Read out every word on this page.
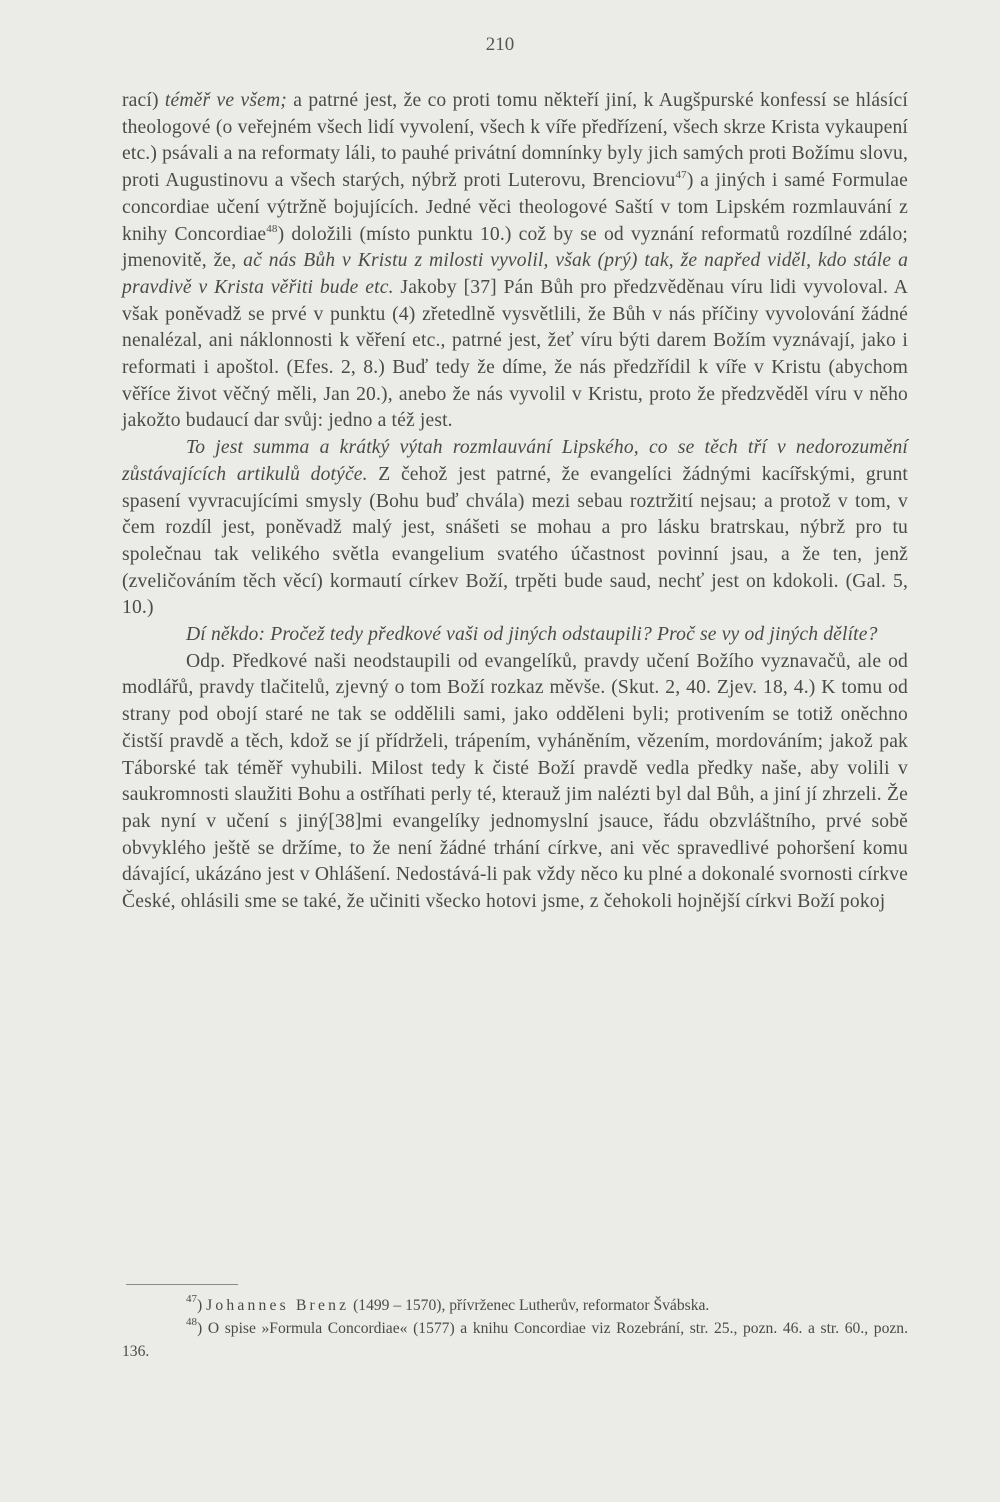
210

rací) téměř ve všem; a patrné jest, že co proti tomu někteří jiní, k Augšpurské konfessí se hlásící theologové (o veřejném všech lidí vyvolení, všech k víře předřízení, všech skrze Krista vykaupení etc.) psávali a na reformaty láli, to pauhé privátní domnínky byly jich samých proti Božímu slovu, proti Augustinovu a všech starých, nýbrž proti Luterovu, Brenciovu$^{47}$) a jiných i samé Formulae concordiae učení výtržně bojujících. Jedné věci theologové Saští v tom Lipském rozmlauvání z knihy Concordiae$^{48}$) doložili (místo punktu 10.) což by se od vyznání reformatů rozdílné zdálo; jmenovitě, že, ač nás Bůh v Kristu z milosti vyvolil, však (prý) tak, že napřed viděl, kdo stále a pravdivě v Krista věřiti bude etc. Jakoby [37] Pán Bůh pro předzvěděnau víru lidi vyvoloval. A však poněvadž se prvé v punktu (4) zřetedlně vysvětlili, že Bůh v nás příčiny vyvolování žádné nenalézal, ani náklonnosti k věření etc., patrné jest, žeť víru býti darem Božím vyznávají, jako i reformati i apoštol. (Efes. 2, 8.) Buď tedy že díme, že nás předzřídil k víře v Kristu (abychom věříce život věčný měli, Jan 20.), anebo že nás vyvolil v Kristu, proto že předzvěděl víru v něho jakožto budaucí dar svůj: jedno a též jest.

To jest summa a krátký výtah rozmlauvání Lipského, co se těch tří v nedorozumění zůstávajících artikulů dotýče. Z čehož jest patrné, že evangelíci žádnými kacířskými, grunt spasení vyvracujícími smysly (Bohu buď chvála) mezi sebau roztržití nejsau; a protož v tom, v čem rozdíl jest, poněvadž malý jest, snášeti se mohau a pro lásku bratrskau, nýbrž pro tu společnau tak velikého světla evangelium svatého účastnost povinní jsau, a že ten, jenž (zveličováním těch věcí) kormautí církev Boží, trpěti bude saud, nechť jest on kdokoli. (Gal. 5, 10.)

Dí někdo: Pročež tedy předkové vaši od jiných odstaupili? Proč se vy od jiných dělíte?

Odp. Předkové naši neodstaupili od evangelíků, pravdy učení Božího vyznavačů, ale od modlářů, pravdy tlačitelů, zjevný o tom Boží rozkaz měvše. (Skut. 2, 40. Zjev. 18, 4.) K tomu od strany pod obojí staré ne tak se oddělili sami, jako odděleni byli; protivením se totiž oněchno čistší pravdě a těch, kdož se jí přídrželi, trápením, vyháněním, vězením, mordováním; jakož pak Táborské tak téměř vyhubili. Milost tedy k čisté Boží pravdě vedla předky naše, aby volili v saukromnosti slaužiti Bohu a ostříhati perly té, kterauž jim nalézti byl dal Bůh, a jiní jí zhrzeli. Že pak nyní v učení s jiný[38]mi evangelíky jednomyslní jsauce, řádu obzvláštního, prvé sobě obvyklého ještě se držíme, to že není žádné trhání církve, ani věc spravedlivé pohoršení komu dávající, ukázáno jest v Ohlášení. Nedostává-li pak vždy něco ku plné a dokonalé svornosti církve České, ohlásili sme se také, že učiniti všecko hotovi jsme, z čehokoli hojnější církvi Boží pokoj

$^{47}$) Johannes Brenz (1499 – 1570), přívrženec Lutherův, reformator Švábska.

$^{48}$) O spise »Formula Concordiae« (1577) a knihu Concordiae viz Rozebrání, str. 25., pozn. 46. a str. 60., pozn. 136.
